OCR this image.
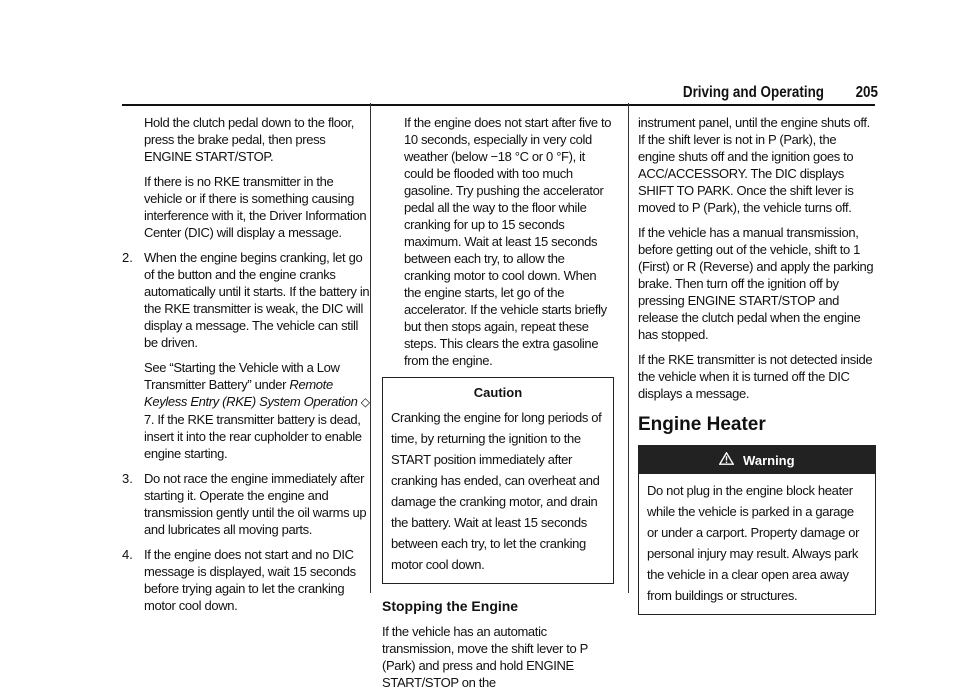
Driving and Operating	205

Hold the clutch pedal down to the floor, press the brake pedal, then press ENGINE START/STOP.

If there is no RKE transmitter in the vehicle or if there is something causing interference with it, the Driver Information Center (DIC) will display a message.

2. When the engine begins cranking, let go of the button and the engine cranks automatically until it starts. If the battery in the RKE transmitter is weak, the DIC will display a message. The vehicle can still be driven.

See “Starting the Vehicle with a Low Transmitter Battery” under Remote Keyless Entry (RKE) System Operation ◇ 7. If the RKE transmitter battery is dead, insert it into the rear cupholder to enable engine starting.

3. Do not race the engine immediately after starting it. Operate the engine and transmission gently until the oil warms up and lubricates all moving parts.
4. If the engine does not start and no DIC message is displayed, wait 15 seconds before trying again to let the cranking motor cool down.

If the engine does not start after five to 10 seconds, especially in very cold weather (below −18 °C or 0 °F), it could be flooded with too much gasoline. Try pushing the accelerator pedal all the way to the floor while cranking for up to 15 seconds maximum. Wait at least 15 seconds between each try, to allow the cranking motor to cool down. When the engine starts, let go of the accelerator. If the vehicle starts briefly but then stops again, repeat these steps. This clears the extra gasoline from the engine.

Caution
Cranking the engine for long periods of time, by returning the ignition to the START position immediately after cranking has ended, can overheat and damage the cranking motor, and drain the battery. Wait at least 15 seconds between each try, to let the cranking motor cool down.
Stopping the Engine

If the vehicle has an automatic transmission, move the shift lever to P (Park) and press and hold ENGINE START/STOP on the

instrument panel, until the engine shuts off. If the shift lever is not in P (Park), the engine shuts off and the ignition goes to ACC/ACCESSORY. The DIC displays SHIFT TO PARK. Once the shift lever is moved to P (Park), the vehicle turns off.

If the vehicle has a manual transmission, before getting out of the vehicle, shift to 1 (First) or R (Reverse) and apply the parking brake. Then turn off the ignition off by pressing ENGINE START/STOP and release the clutch pedal when the engine has stopped.

If the RKE transmitter is not detected inside the vehicle when it is turned off the DIC displays a message.

Engine Heater
Warning
Do not plug in the engine block heater while the vehicle is parked in a garage or under a carport. Property damage or personal injury may result. Always park the vehicle in a clear open area away from buildings or structures.
